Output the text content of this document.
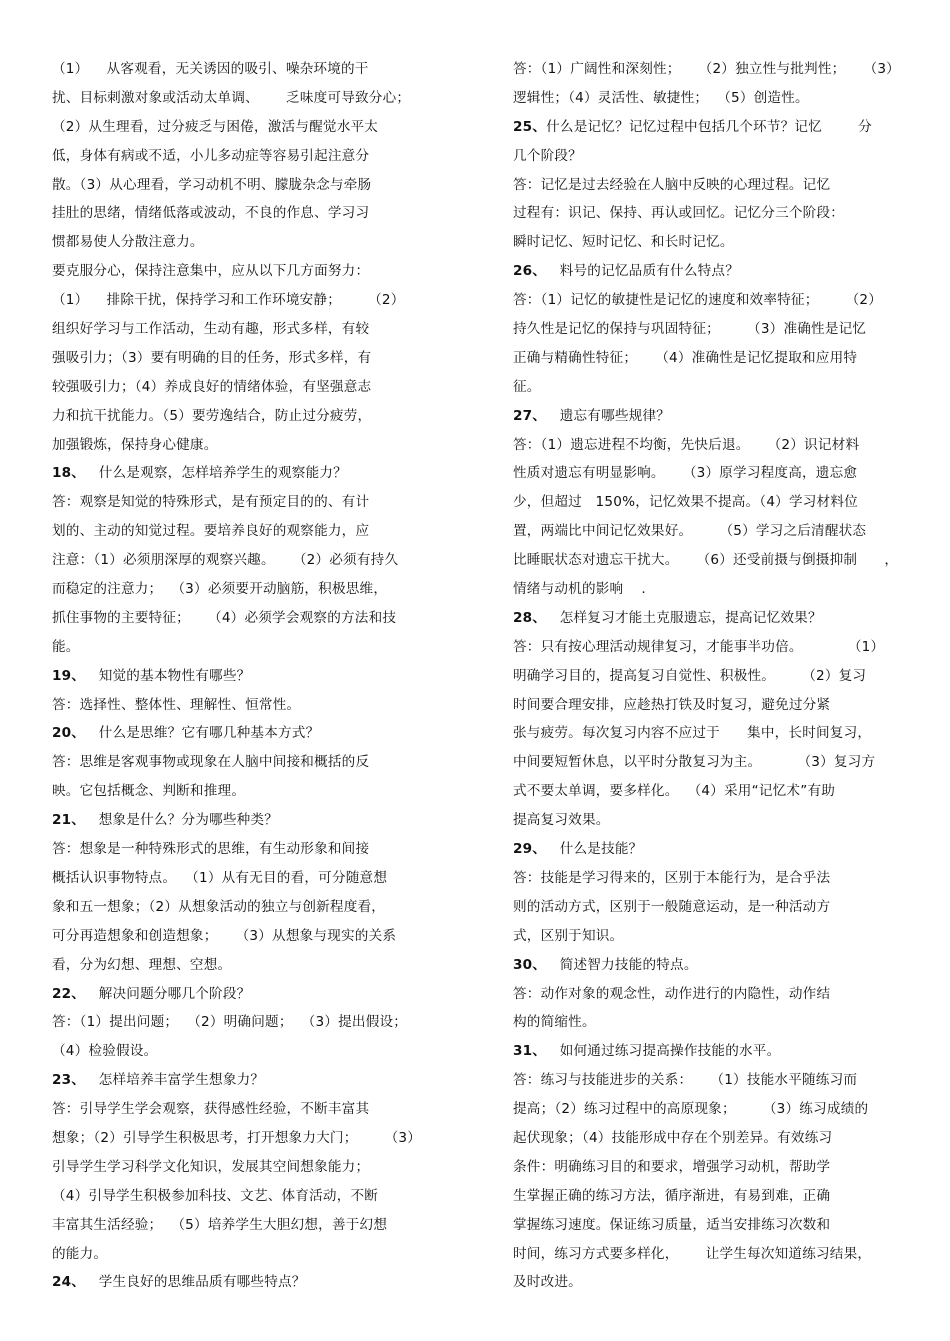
（1）    从客观看，无关诱因的吸引、噪杂环境的干
扰、目标刺激对象或活动太单调、      乏味度可导致分心；
（2）从生理看，过分疲乏与困倦，激活与醒觉水平太
低，身体有病或不适，小儿多动症等容易引起注意分
散。（3）从心理看，学习动机不明、朦胧杂念与牵肠
挂肚的思绪，情绪低落或波动，不良的作息、学习习
惯都易使人分散注意力。
要克服分心，保持注意集中，应从以下几方面努力：
（1）    排除干扰，保持学习和工作环境安静；      （2）
组织好学习与工作活动，生动有趣，形式多样，有较
强吸引力；（3）要有明确的目的任务，形式多样，有
较强吸引力；（4）养成良好的情绪体验，有坚强意志
力和抗干扰能力。（5）要劳逸结合，防止过分疲劳，
加强锻炼，保持身心健康。
18、   什么是观察，怎样培养学生的观察能力？
答：观察是知觉的特殊形式，是有预定目的的、有计
划的、主动的知觉过程。要培养良好的观察能力，应
注意：（1）必须朋深厚的观察兴趣。    （2）必须有持久
而稳定的注意力；  （3）必须要开动脑筋，积极思维，
抓住事物的主要特征；    （4）必须学会观察的方法和技
能。
19、   知觉的基本物性有哪些？
答：选择性、整体性、理解性、恒常性。
20、   什么是思维？它有哪几种基本方式？
答：思维是客观事物或现象在人脑中间接和概括的反
映。它包括概念、判断和推理。
21、   想象是什么？分为哪些种类？
答：想象是一种特殊形式的思维，有生动形象和间接
概括认识事物特点。  （1）从有无目的看，可分随意想
象和五一想象；（2）从想象活动的独立与创新程度看，
可分再造想象和创造想象；    （3）从想象与现实的关系
看，分为幻想、理想、空想。
22、   解决问题分哪几个阶段？
答：（1）提出问题；  （2）明确问题；  （3）提出假设；
（4）检验假设。
23、   怎样培养丰富学生想象力？
答：引导学生学会观察，获得感性经验，不断丰富其
想象；（2）引导学生积极思考，打开想象力大门；      （3）
引导学生学习科学文化知识，发展其空间想象能力；
（4）引导学生积极参加科技、文艺、体育活动，不断
丰富其生活经验；  （5）培养学生大胆幻想，善于幻想
的能力。
24、   学生良好的思维品质有哪些特点？
答：（1）广阔性和深刻性；    （2）独立性与批判性；    （3）
逻辑性；（4）灵活性、敏捷性；  （5）创造性。
25、什么是记忆？记忆过程中包括几个环节？记忆        分
几个阶段？
答：记忆是过去经验在人脑中反映的心理过程。记忆
过程有：识记、保持、再认或回忆。记忆分三个阶段：
瞬时记忆、短时记忆、和长时记忆。
26、   料号的记忆品质有什么特点？
答：（1）记忆的敏捷性是记忆的速度和效率特征；      （2）
持久性是记忆的保持与巩固特征；      （3）准确性是记忆
正确与精确性特征；    （4）准确性是记忆提取和应用特
征。
27、   遗忘有哪些规律？
答：（1）遗忘进程不均衡，先快后退。    （2）识记材料
性质对遗忘有明显影响。    （3）原学习程度高，遗忘愈
少，但超过   150%，记忆效果不提高。（4）学习材料位
置，两端比中间记忆效果好。      （5）学习之后清醒状态
比睡眠状态对遗忘干扰大。    （6）还受前摄与倒摄抑制      ，
情绪与动机的影响    .
28、   怎样复习才能土克服遗忘，提高记忆效果？
答：只有按心理活动规律复习，才能事半功倍。          （1）
明确学习目的，提高复习自觉性、积极性。      （2）复习
时间要合理安排，应趁热打铁及时复习，避免过分紧
张与疲劳。每次复习内容不应过于      集中，长时间复习，
中间要短暂休息，以平时分散复习为主。        （3）复习方
式不要太单调，要多样化。  （4）采用“记忆术”有助
提高复习效果。
29、   什么是技能？
答：技能是学习得来的，区别于本能行为，是合乎法
则的活动方式，区别于一般随意运动，是一种活动方
式，区别于知识。
30、   简述智力技能的特点。
答：动作对象的观念性，动作进行的内隐性，动作结
构的简缩性。
31、   如何通过练习提高操作技能的水平。
答：练习与技能进步的关系：    （1）技能水平随练习而
提高；（2）练习过程中的高原现象；      （3）练习成绩的
起伏现象；（4）技能形成中存在个别差异。有效练习
条件：明确练习目的和要求，增强学习动机，帮助学
生掌握正确的练习方法，循序渐进，有易到难，正确
掌握练习速度。保证练习质量，适当安排练习次数和
时间，练习方式要多样化，      让学生每次知道练习结果，
及时改进。
